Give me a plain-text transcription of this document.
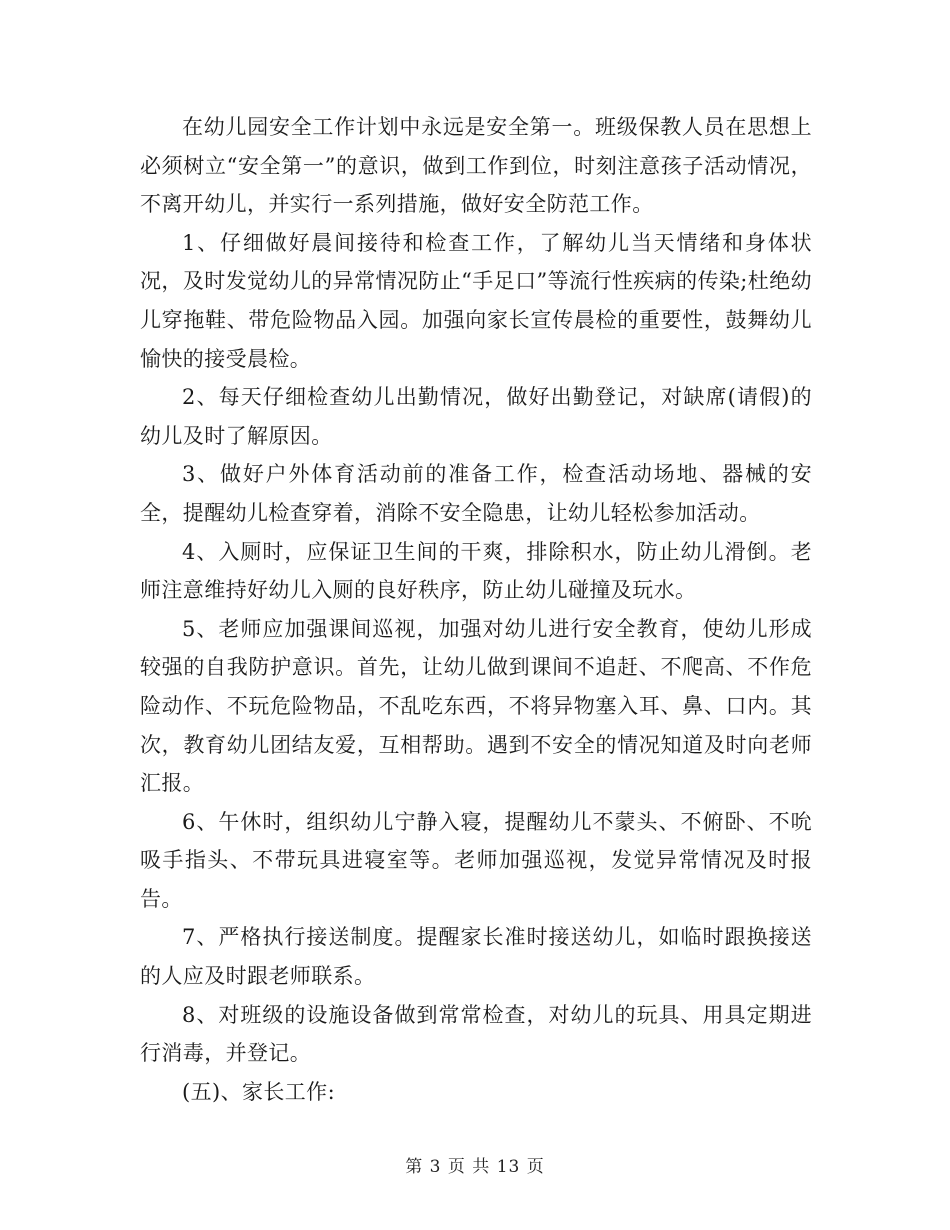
在幼儿园安全工作计划中永远是安全第一。班级保教人员在思想上必须树立“安全第一”的意识，做到工作到位，时刻注意孩子活动情况，不离开幼儿，并实行一系列措施，做好安全防范工作。

1、仔细做好晨间接待和检查工作，了解幼儿当天情绪和身体状况，及时发觉幼儿的异常情况防止“手足口”等流行性疾病的传染;杜绝幼儿穿拖鞋、带危险物品入园。加强向家长宣传晨检的重要性，鼓舞幼儿愉快的接受晨检。

2、每天仔细检查幼儿出勤情况，做好出勤登记，对缺席(请假)的幼儿及时了解原因。

3、做好户外体育活动前的准备工作，检查活动场地、器械的安全，提醒幼儿检查穿着，消除不安全隐患，让幼儿轻松参加活动。

4、入厕时，应保证卫生间的干爽，排除积水，防止幼儿滑倒。老师注意维持好幼儿入厕的良好秩序，防止幼儿碰撞及玩水。

5、老师应加强课间巡视，加强对幼儿进行安全教育，使幼儿形成较强的自我防护意识。首先，让幼儿做到课间不追赶、不爬高、不作危险动作、不玩危险物品，不乱吃东西，不将异物塞入耳、鼻、口内。其次，教育幼儿团结友爱，互相帮助。遇到不安全的情况知道及时向老师汇报。

6、午休时，组织幼儿宁静入寝，提醒幼儿不蒙头、不俯卧、不吮吸手指头、不带玩具进寝室等。老师加强巡视，发觉异常情况及时报告。

7、严格执行接送制度。提醒家长准时接送幼儿，如临时跟换接送的人应及时跟老师联系。

8、对班级的设施设备做到常常检查，对幼儿的玩具、用具定期进行消毒，并登记。

(五)、家长工作:

第 3 页 共 13 页
